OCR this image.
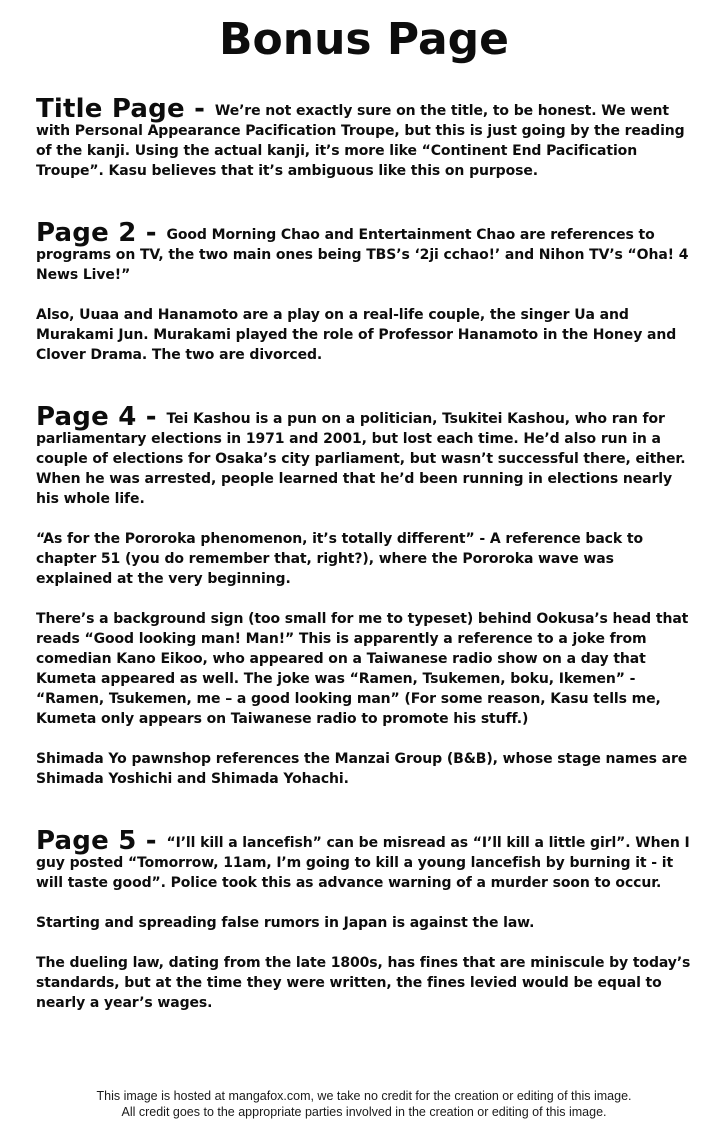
Bonus Page

Title Page - We’re not exactly sure on the title, to be honest. We went with Personal Appearance Pacification Troupe, but this is just going by the reading of the kanji. Using the actual kanji, it’s more like “Continent End Pacification Troupe”. Kasu believes that it’s ambiguous like this on purpose.

Page 2 - Good Morning Chao and Entertainment Chao are references to programs on TV, the two main ones being TBS’s ‘2ji cchao!’ and Nihon TV’s “Oha! 4 News Live!”

Also, Uuaa and Hanamoto are a play on a real-life couple, the singer Ua and Murakami Jun. Murakami played the role of Professor Hanamoto in the Honey and Clover Drama. The two are divorced.

Page 4 - Tei Kashou is a pun on a politician, Tsukitei Kashou, who ran for parliamentary elections in 1971 and 2001, but lost each time. He’d also run in a couple of elections for Osaka’s city parliament, but wasn’t successful there, either. When he was arrested, people learned that he’d been running in elections nearly his whole life.

“As for the Pororoka phenomenon, it’s totally different” - A reference back to chapter 51 (you do remember that, right?), where the Pororoka wave was explained at the very beginning.

There’s a background sign (too small for me to typeset) behind Ookusa’s head that reads “Good looking man! Man!” This is apparently a reference to a joke from comedian Kano Eikoo, who appeared on a Taiwanese radio show on a day that Kumeta appeared as well. The joke was “Ramen, Tsukemen, boku, Ikemen” - “Ramen, Tsukemen, me – a good looking man” (For some reason, Kasu tells me, Kumeta only appears on Taiwanese radio to promote his stuff.)

Shimada Yo pawnshop references the Manzai Group (B&B), whose stage names are Shimada Yoshichi and Shimada Yohachi.

Page 5 - “I’ll kill a lancefish” can be misread as “I’ll kill a little girl”. When I guy posted “Tomorrow, 11am, I’m going to kill a young lancefish by burning it - it will taste good”. Police took this as advance warning of a murder soon to occur.

Starting and spreading false rumors in Japan is against the law.

The dueling law, dating from the late 1800s, has fines that are miniscule by today’s standards, but at the time they were written, the fines levied would be equal to nearly a year’s wages.

This image is hosted at mangafox.com, we take no credit for the creation or editing of this image.
All credit goes to the appropriate parties involved in the creation or editing of this image.
